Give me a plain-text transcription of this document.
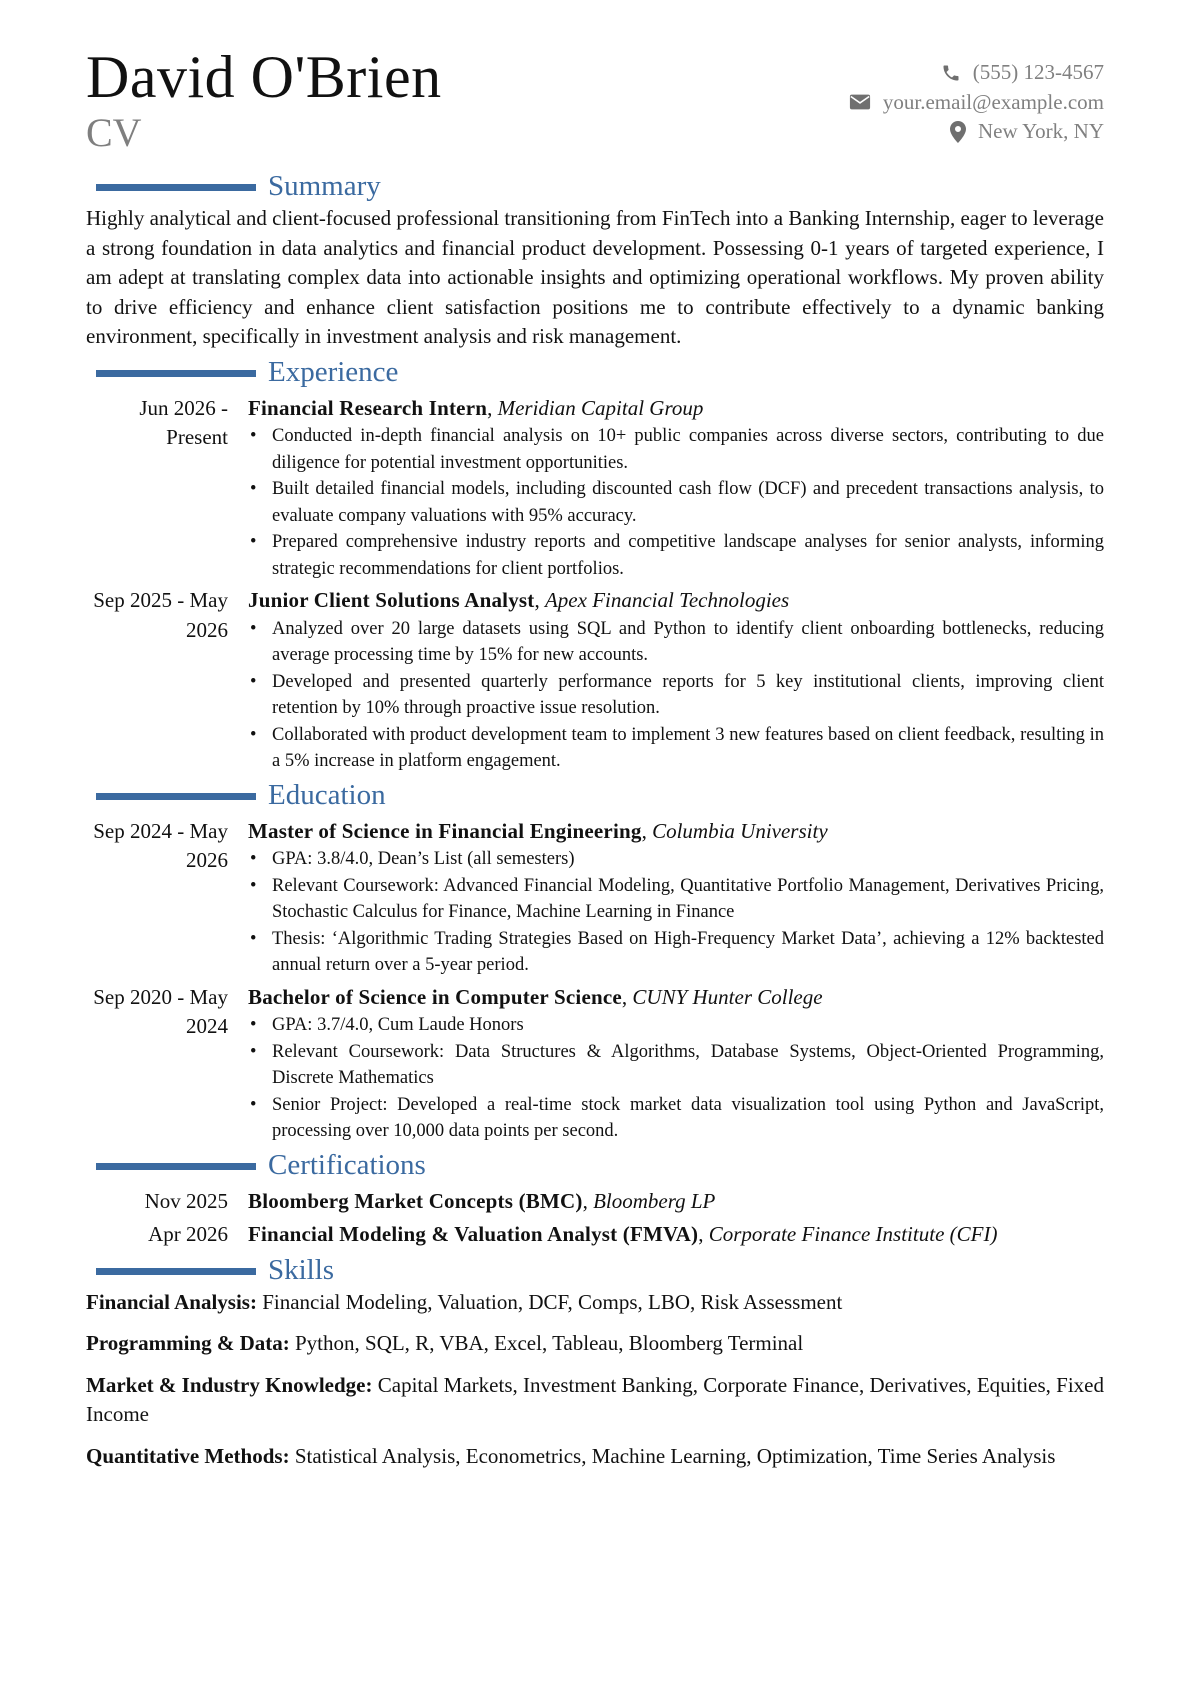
David O'Brien
CV
(555) 123-4567
your.email@example.com
New York, NY
Summary

Highly analytical and client-focused professional transitioning from FinTech into a Banking Internship, eager to leverage a strong foundation in data analytics and financial product development. Possessing 0-1 years of targeted experience, I am adept at translating complex data into actionable insights and optimizing operational workflows. My proven ability to drive efficiency and enhance client satisfaction positions me to contribute effectively to a dynamic banking environment, specifically in investment analysis and risk management.

Experience
Jun 2026 - Present
Financial Research Intern, Meridian Capital Group
• Conducted in-depth financial analysis on 10+ public companies across diverse sectors, contributing to due diligence for potential investment opportunities.
• Built detailed financial models, including discounted cash flow (DCF) and precedent transactions analysis, to evaluate company valuations with 95% accuracy.
• Prepared comprehensive industry reports and competitive landscape analyses for senior analysts, informing strategic recommendations for client portfolios.
Sep 2025 - May 2026
Junior Client Solutions Analyst, Apex Financial Technologies
• Analyzed over 20 large datasets using SQL and Python to identify client onboarding bottlenecks, reducing average processing time by 15% for new accounts.
• Developed and presented quarterly performance reports for 5 key institutional clients, improving client retention by 10% through proactive issue resolution.
• Collaborated with product development team to implement 3 new features based on client feedback, resulting in a 5% increase in platform engagement.
Education
Sep 2024 - May 2026
Master of Science in Financial Engineering, Columbia University
• GPA: 3.8/4.0, Dean’s List (all semesters)
• Relevant Coursework: Advanced Financial Modeling, Quantitative Portfolio Management, Derivatives Pricing, Stochastic Calculus for Finance, Machine Learning in Finance
• Thesis: ‘Algorithmic Trading Strategies Based on High-Frequency Market Data’, achieving a 12% backtested annual return over a 5-year period.
Sep 2020 - May 2024
Bachelor of Science in Computer Science, CUNY Hunter College
• GPA: 3.7/4.0, Cum Laude Honors
• Relevant Coursework: Data Structures & Algorithms, Database Systems, Object-Oriented Programming, Discrete Mathematics
• Senior Project: Developed a real-time stock market data visualization tool using Python and JavaScript, processing over 10,000 data points per second.
Certifications
Nov 2025 Bloomberg Market Concepts (BMC), Bloomberg LP
Apr 2026 Financial Modeling & Valuation Analyst (FMVA), Corporate Finance Institute (CFI)
Skills

Financial Analysis: Financial Modeling, Valuation, DCF, Comps, LBO, Risk Assessment

Programming & Data: Python, SQL, R, VBA, Excel, Tableau, Bloomberg Terminal

Market & Industry Knowledge: Capital Markets, Investment Banking, Corporate Finance, Derivatives, Equities, Fixed Income

Quantitative Methods: Statistical Analysis, Econometrics, Machine Learning, Optimization, Time Series Analysis
